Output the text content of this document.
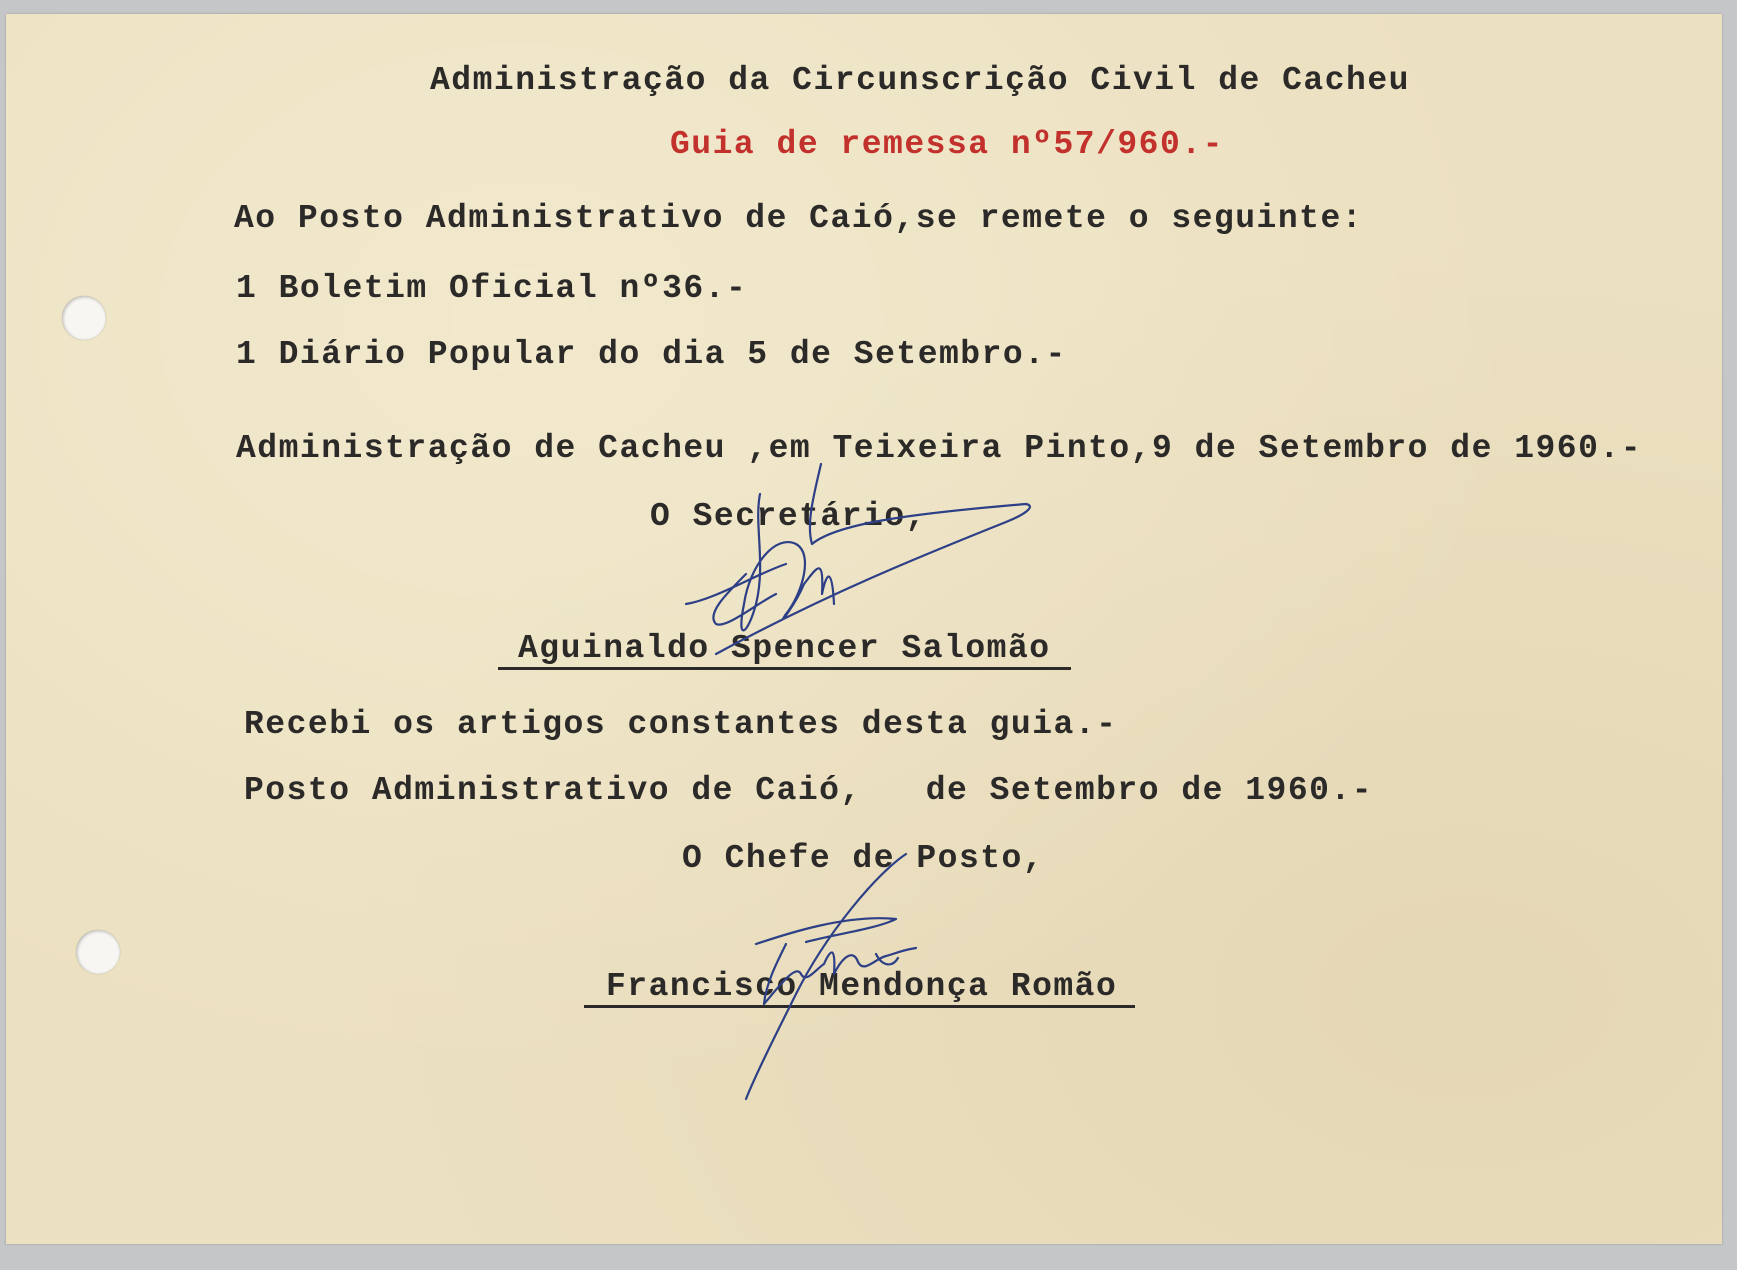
Administração da Circunscrição Civil de Cacheu

Guia de remessa nº57/960.-

Ao Posto Administrativo de Caió,se remete o seguinte:

1 Boletim Oficial nº36.-

1 Diário Popular do dia 5 de Setembro.-

Administração de Cacheu ,em Teixeira Pinto,9 de Setembro de 1960.-

O Secretário,

Aguinaldo Spencer Salomão

Recebi os artigos constantes desta guia.-

Posto Administrativo de Caió,   de Setembro de 1960.-

O Chefe de Posto,

Francisco Mendonça Romão
